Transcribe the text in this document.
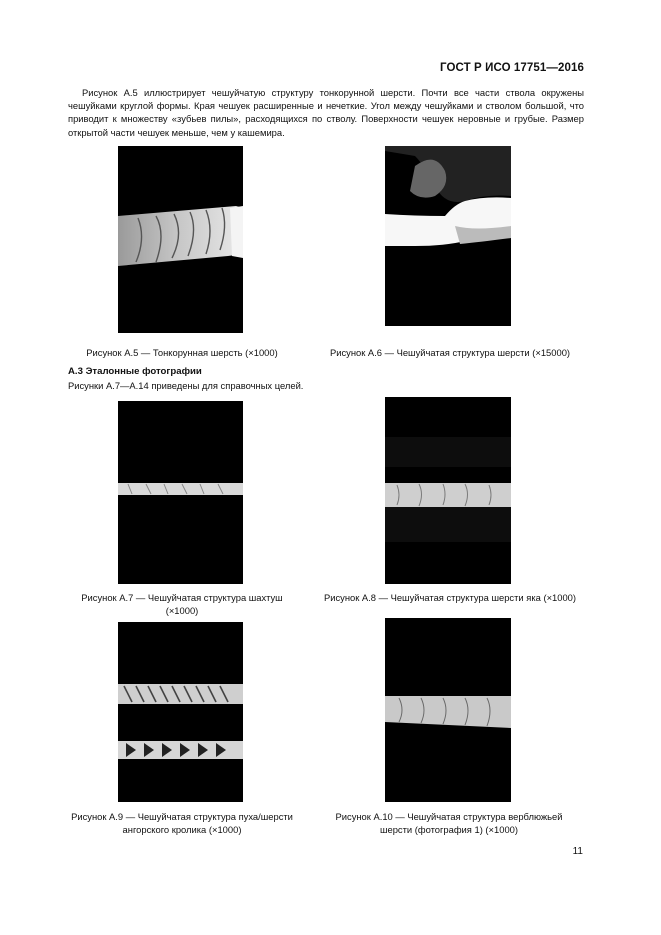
ГОСТ Р ИСО 17751—2016
Рисунок А.5 иллюстрирует чешуйчатую структуру тонкорунной шерсти. Почти все части ствола окружены чешуйками круглой формы. Края чешуек расширенные и нечеткие. Угол между чешуйками и стволом большой, что приводит к множеству «зубьев пилы», расходящихся по стволу. Поверхности чешуек неровные и грубые. Размер открытой части чешуек меньше, чем у кашемира.
Рисунок А.5 — Тонкорунная шерсть (×1000)	Рисунок А.6 — Чешуйчатая структура шерсти (×15000)
А.3 Эталонные фотографии
Рисунки А.7—А.14 приведены для справочных целей.
Рисунок А.7 — Чешуйчатая структура шахтуш (×1000)
Рисунок А.8 — Чешуйчатая структура шерсти яка (×1000)
Рисунок А.9 — Чешуйчатая структура пуха/шерсти ангорского кролика (×1000)
Рисунок А.10 — Чешуйчатая структура верблюжьей шерсти (фотография 1) (×1000)
11
